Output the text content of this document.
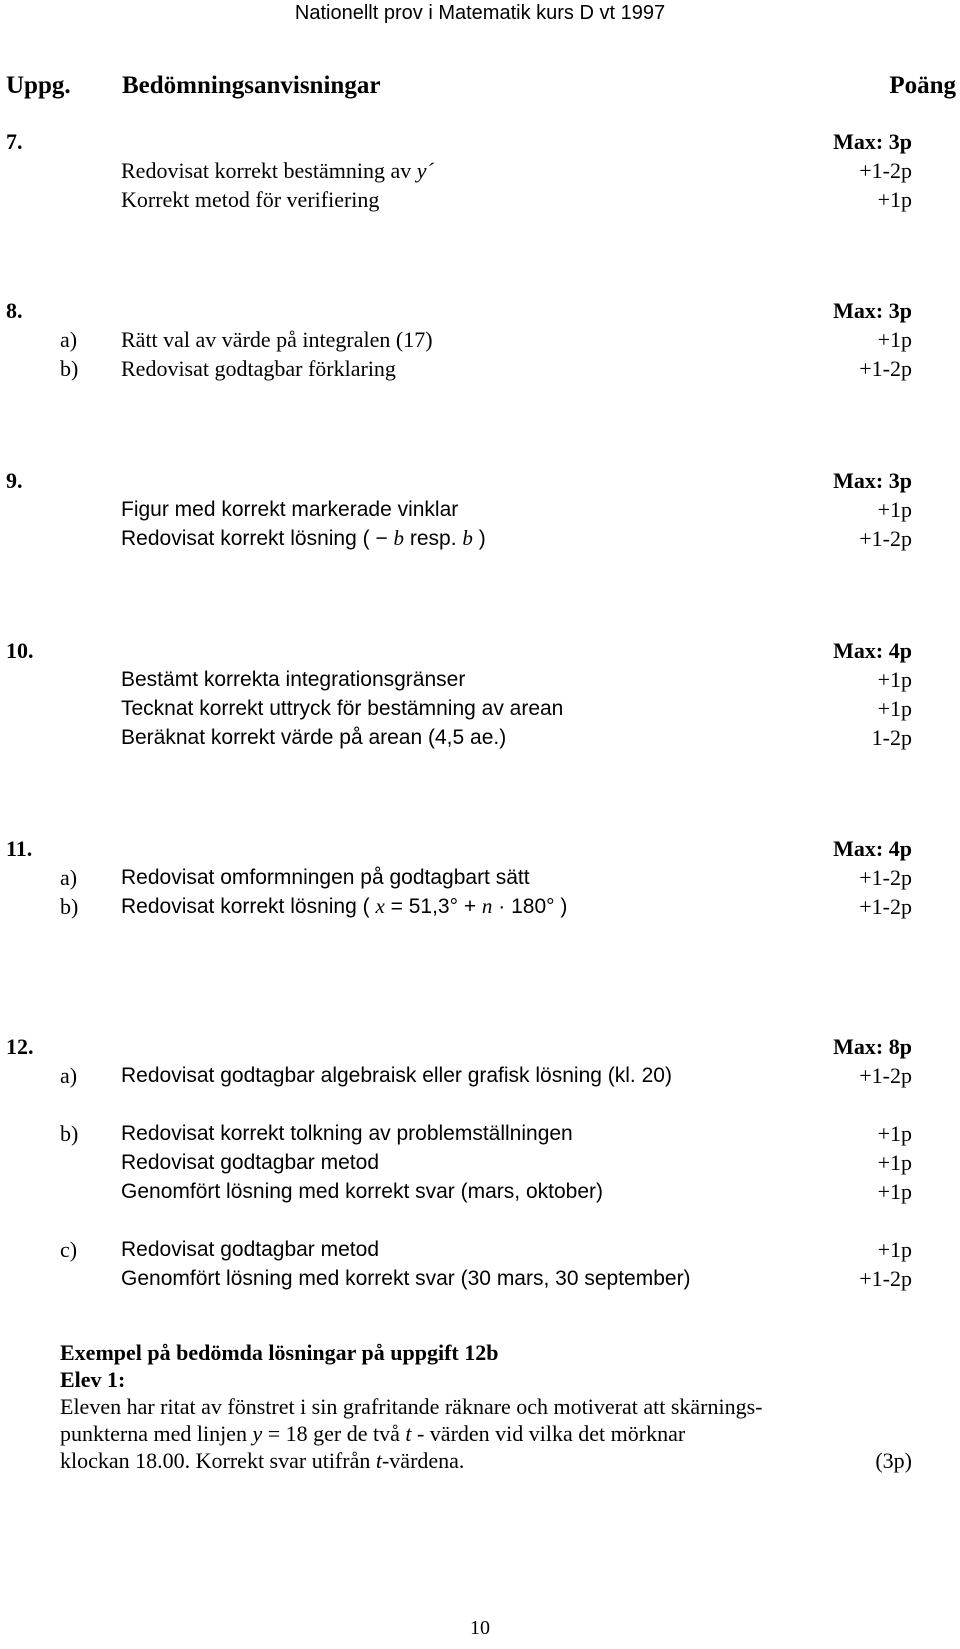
Nationellt prov i Matematik kurs D vt 1997
Uppg. Bedömningsanvisningar	Poäng
7.	Max: 3p
Redovisat korrekt bestämning av y´	+1-2p
Korrekt metod för verifiering	+1p
8.	Max: 3p
a) Rätt val av värde på integralen (17)	+1p
b) Redovisat godtagbar förklaring	+1-2p
9.	Max: 3p
Figur med korrekt markerade vinklar	+1p
Redovisat korrekt lösning ( − b resp. b )	+1-2p
10.	Max: 4p
Bestämt korrekta integrationsgränser	+1p
Tecknat korrekt uttryck för bestämning av arean	+1p
Beräknat korrekt värde på arean (4,5 ae.)	1-2p
11.	Max: 4p
a) Redovisat omformningen på godtagbart sätt	+1-2p
b) Redovisat korrekt lösning ( x = 51,3° + n · 180° )	+1-2p
12.	Max: 8p
a) Redovisat godtagbar algebraisk eller grafisk lösning (kl. 20)	+1-2p
b) Redovisat korrekt tolkning av problemställningen	+1p
Redovisat godtagbar metod	+1p
Genomfört lösning med korrekt svar (mars, oktober)	+1p
c) Redovisat godtagbar metod	+1p
Genomfört lösning med korrekt svar (30 mars, 30 september)	+1-2p
Exempel på bedömda lösningar på uppgift 12b
Elev 1:
Eleven har ritat av fönstret i sin grafritande räknare och motiverat att skärnings-
punkterna med linjen y = 18 ger de två t - värden vid vilka det mörknar
klockan 18.00. Korrekt svar utifrån t-värdena.	(3p)
10
